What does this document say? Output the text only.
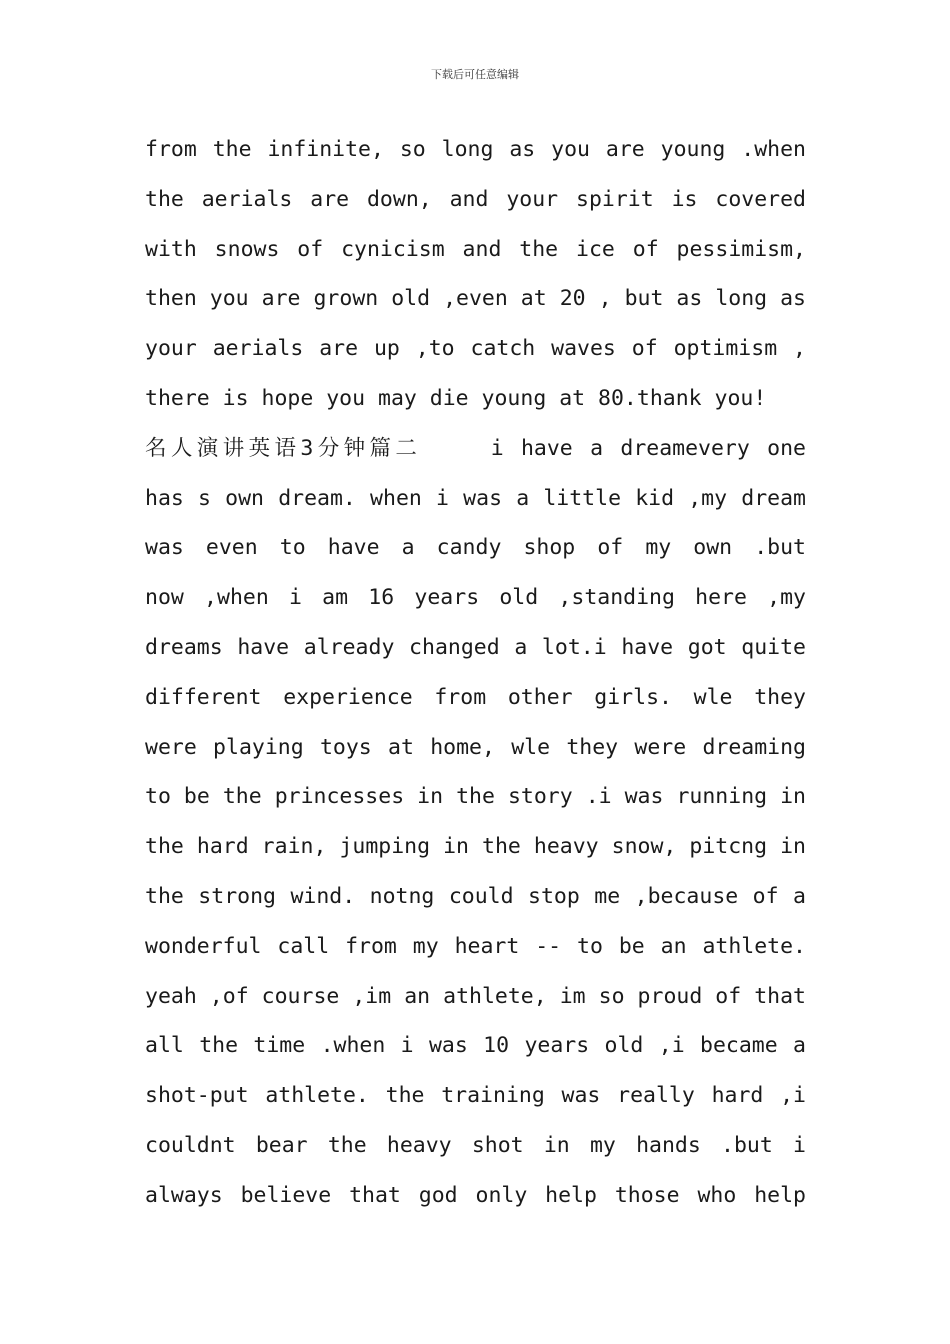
下载后可任意编辑
from the infinite, so long as you are young .when
the aerials are down, and your spirit is covered
with snows of cynicism and the ice of pessimism,
then you are grown old ,even at 20 , but as long as
your aerials are up ,to catch waves of optimism ,
there is hope you may die young at 80.thank you!
名人演讲英语3分钟篇二    i have a dreamevery one
has s own dream. when i was a little kid ,my dream
was even to have a candy shop of my own .but
now ,when i am 16 years old ,standing here ,my
dreams have already changed a lot.i have got quite
different experience from other girls. wle they
were playing toys at home, wle they were dreaming
to be the princesses in the story .i was running in
the hard rain, jumping in the heavy snow, pitcng in
the strong wind. notng could stop me ,because of a
wonderful call from my heart -- to be an athlete.
yeah ,of course ,im an athlete, im so proud of that
all the time .when i was 10 years old ,i became a
shot-put athlete. the training was really hard ,i
couldnt bear the heavy shot in my hands .but i
always believe that god only help those who help
